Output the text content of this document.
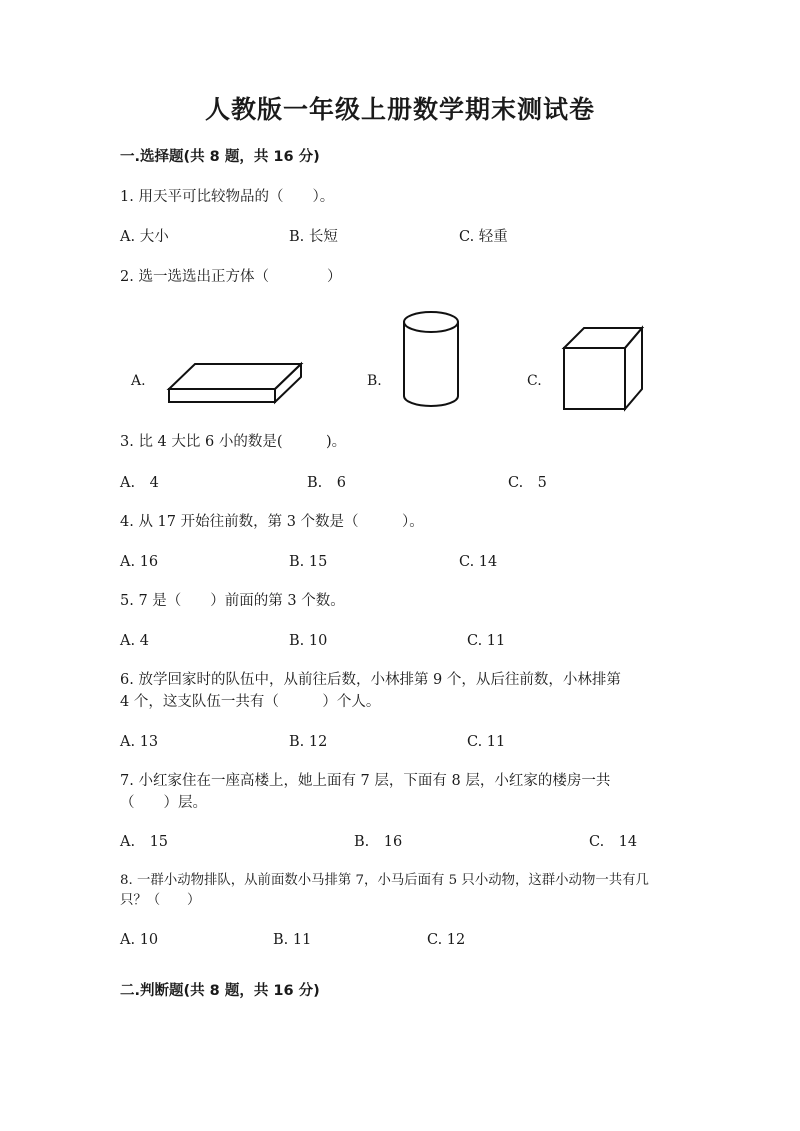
人教版一年级上册数学期末测试卷
一.选择题(共 8 题，共 16 分)
1. 用天平可比较物品的（　　）。
A. 大小	B. 长短	C. 轻重
2. 选一选选出正方体（　　　　）
A.	B.	C.
3. 比 4 大比 6 小的数是(　　　)。
A.　4	B.　6	C.　5
4. 从 17 开始往前数，第 3 个数是（　　　）。
A. 16	B. 15	C. 14
5. 7 是（　　）前面的第 3 个数。
A. 4	B. 10	C. 11
6. 放学回家时的队伍中，从前往后数，小林排第 9 个，从后往前数，小林排第
4 个，这支队伍一共有（　　　）个人。
A. 13	B. 12	C. 11
7. 小红家住在一座高楼上，她上面有 7 层，下面有 8 层，小红家的楼房一共
（　　）层。
A.　15	B.　16	C.　14
8. 一群小动物排队，从前面数小马排第 7，小马后面有 5 只小动物，这群小动物一共有几
只？（　　）
A. 10	B. 11	C. 12
二.判断题(共 8 题，共 16 分)
